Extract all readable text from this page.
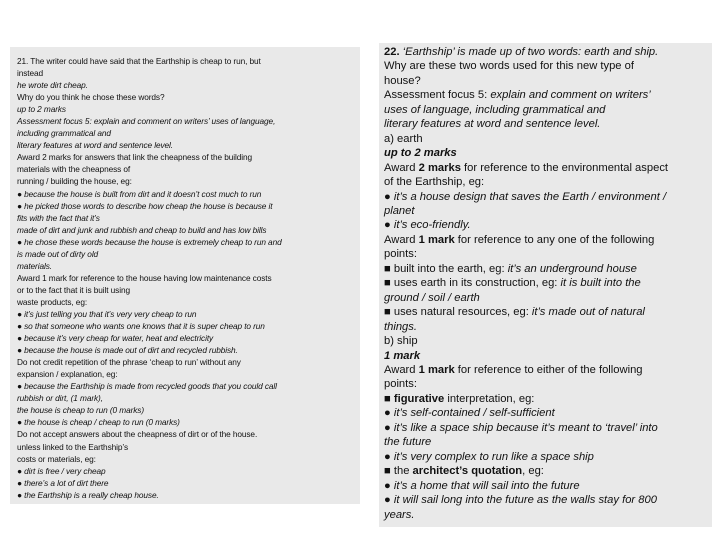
21. The writer could have said that the Earthship is cheap to run, but
instead
he wrote dirt cheap.
Why do you think he chose these words?
up to 2 marks
Assessment focus 5: explain and comment on writers’ uses of language,
including grammatical and
literary features at word and sentence level.
Award 2 marks for answers that link the cheapness of the building
materials with the cheapness of
running / building the house, eg:
● because the house is built from dirt and it doesn’t cost much to run
● he picked those words to describe how cheap the house is because it
fits with the fact that it’s
made of dirt and junk and rubbish and cheap to build and has low bills
● he chose these words because the house is extremely cheap to run and
is made out of dirty old
materials.
Award 1 mark for reference to the house having low maintenance costs
or to the fact that it is built using
waste products, eg:
● it’s just telling you that it’s very very cheap to run
● so that someone who wants one knows that it is super cheap to run
● because it’s very cheap for water, heat and electricity
● because the house is made out of dirt and recycled rubbish.
Do not credit repetition of the phrase ‘cheap to run’ without any
expansion / explanation, eg:
● because the Earthship is made from recycled goods that you could call
rubbish or dirt, (1 mark),
the house is cheap to run (0 marks)
● the house is cheap / cheap to run (0 marks)
Do not accept answers about the cheapness of dirt or of the house.
unless linked to the Earthship’s
costs or materials, eg:
● dirt is free / very cheap
● there’s a lot of dirt there
● the Earthship is a really cheap house.
22. ‘Earthship’ is made up of two words: earth and ship.
Why are these two words used for this new type of
house?
Assessment focus 5: explain and comment on writers’
uses of language, including grammatical and
literary features at word and sentence level.
a) earth
up to 2 marks
Award 2 marks for reference to the environmental aspect
of the Earthship, eg:
● it’s a house design that saves the Earth / environment /
planet
● it’s eco-friendly.
Award 1 mark for reference to any one of the following
points:
■ built into the earth, eg: it’s an underground house
■ uses earth in its construction, eg: it is built into the
ground / soil / earth
■ uses natural resources, eg: it’s made out of natural
things.
b) ship
1 mark
Award 1 mark for reference to either of the following
points:
■ figurative interpretation, eg:
● it’s self-contained / self-sufficient
● it’s like a space ship because it’s meant to ‘travel’ into
the future
● it’s very complex to run like a space ship
■ the architect’s quotation, eg:
● it’s a home that will sail into the future
● it will sail long into the future as the walls stay for 800
years.
